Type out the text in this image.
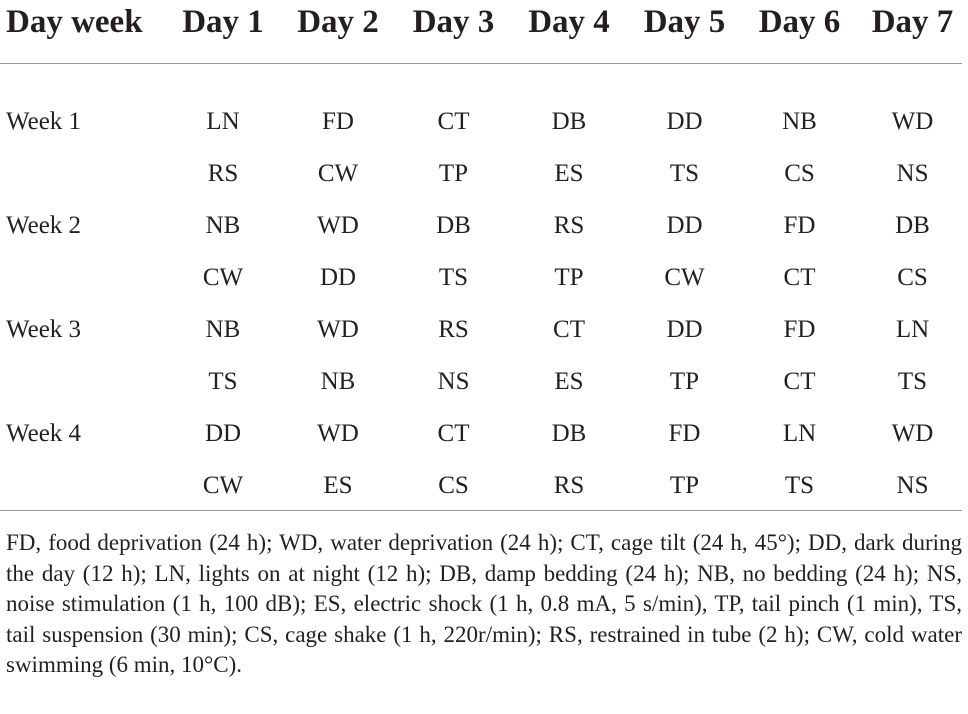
Day week	Day 1	Day 2	Day 3	Day 4	Day 5	Day 6	Day 7

Week 1	LN	FD	CT	DB	DD	NB	WD
	RS	CW	TP	ES	TS	CS	NS
Week 2	NB	WD	DB	RS	DD	FD	DB
	CW	DD	TS	TP	CW	CT	CS
Week 3	NB	WD	RS	CT	DD	FD	LN
	TS	NB	NS	ES	TP	CT	TS
Week 4	DD	WD	CT	DB	FD	LN	WD
	CW	ES	CS	RS	TP	TS	NS
FD, food deprivation (24 h); WD, water deprivation (24 h); CT, cage tilt (24 h, 45°); DD, dark during the day (12 h); LN, lights on at night (12 h); DB, damp bedding (24 h); NB, no bedding (24 h); NS, noise stimulation (1 h, 100 dB); ES, electric shock (1 h, 0.8 mA, 5 s/min), TP, tail pinch (1 min), TS, tail suspension (30 min); CS, cage shake (1 h, 220r/min); RS, restrained in tube (2 h); CW, cold water swimming (6 min, 10°C).
